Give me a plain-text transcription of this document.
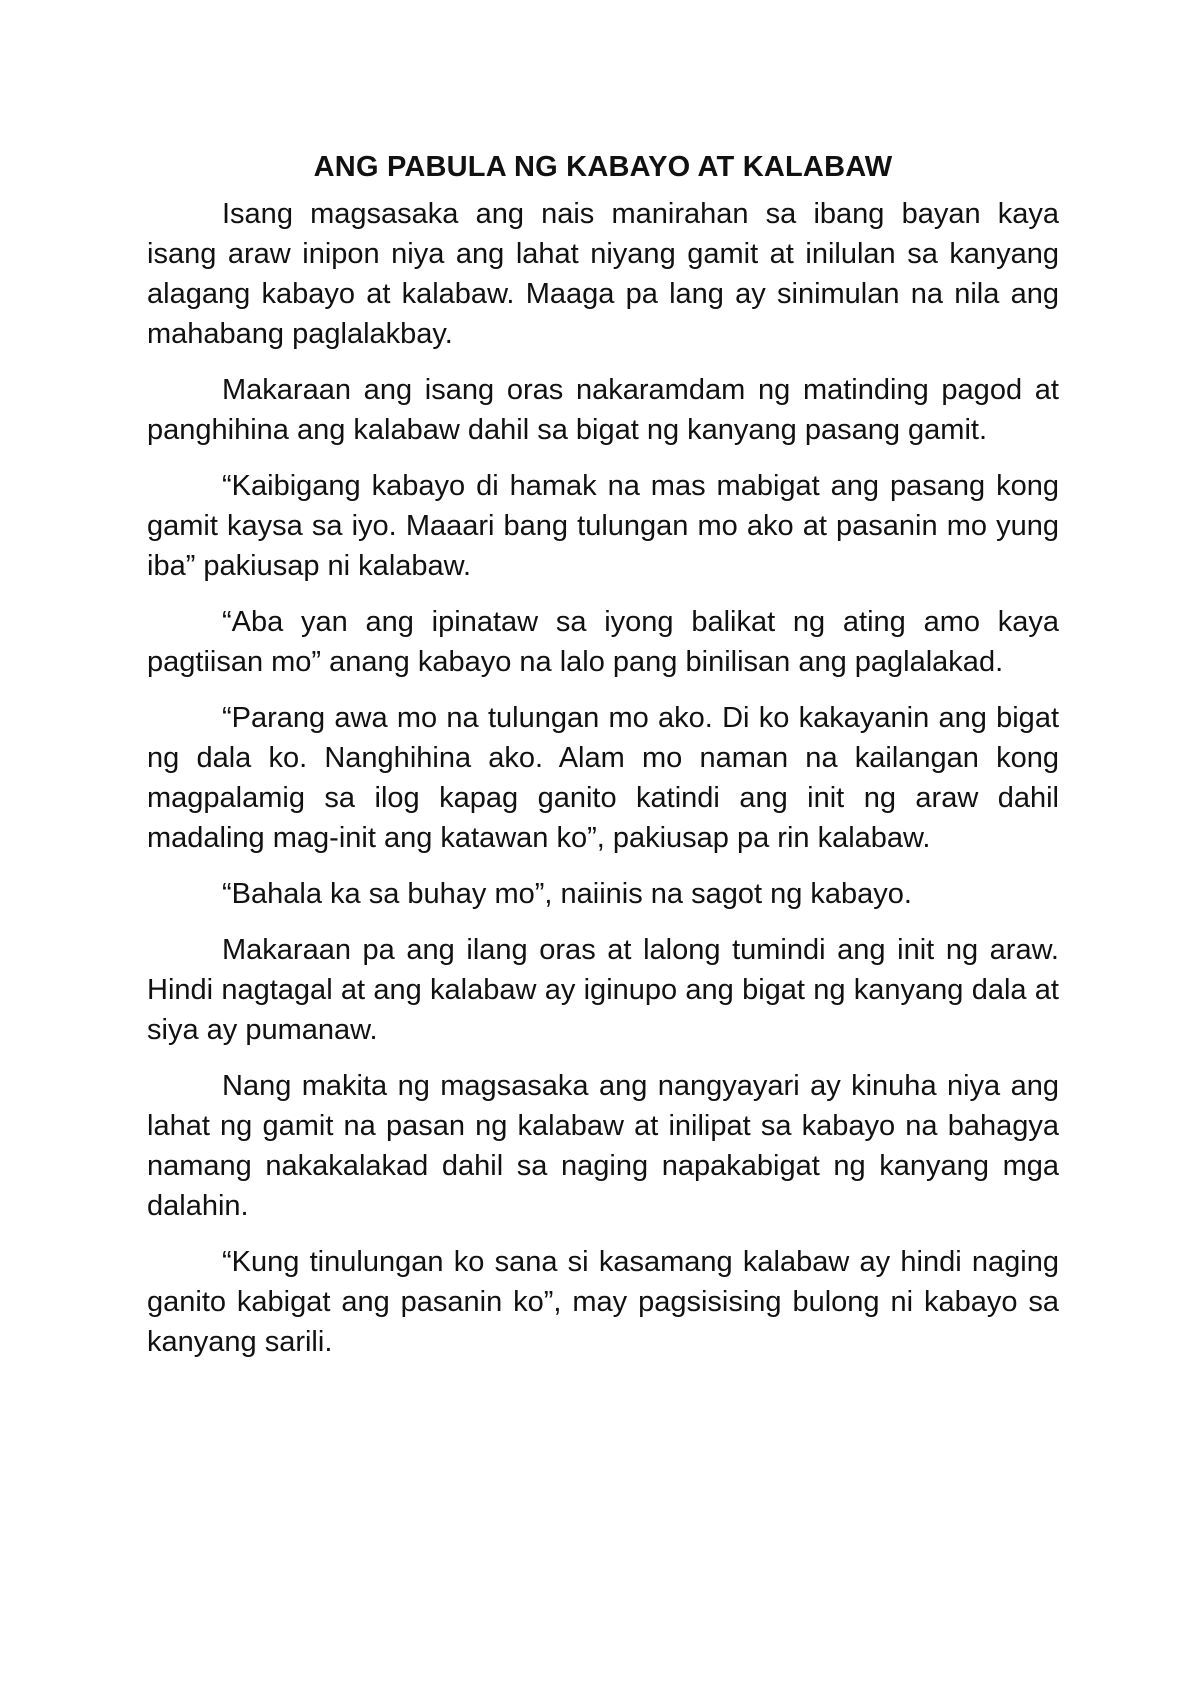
ANG PABULA NG KABAYO AT KALABAW

Isang magsasaka ang nais manirahan sa ibang bayan kaya isang araw inipon niya ang lahat niyang gamit at inilulan sa kanyang alagang kabayo at kalabaw. Maaga pa lang ay sinimulan na nila ang mahabang paglalakbay.

Makaraan ang isang oras nakaramdam ng matinding pagod at panghihina ang kalabaw dahil sa bigat ng kanyang pasang gamit.

“Kaibigang kabayo di hamak na mas mabigat ang pasang kong gamit kaysa sa iyo. Maaari bang tulungan mo ako at pasanin mo yung iba” pakiusap ni kalabaw.

“Aba yan ang ipinataw sa iyong balikat ng ating amo kaya pagtiisan mo” anang kabayo na lalo pang binilisan ang paglalakad.

“Parang awa mo na tulungan mo ako. Di ko kakayanin ang bigat ng dala ko. Nanghihina ako. Alam mo naman na kailangan kong magpalamig sa ilog kapag ganito katindi ang init ng araw dahil madaling mag-init ang katawan ko”, pakiusap pa rin kalabaw.

“Bahala ka sa buhay mo”, naiinis na sagot ng kabayo.

Makaraan pa ang ilang oras at lalong tumindi ang init ng araw. Hindi nagtagal at ang kalabaw ay iginupo ang bigat ng kanyang dala at siya ay pumanaw.

Nang makita ng magsasaka ang nangyayari ay kinuha niya ang lahat ng gamit na pasan ng kalabaw at inilipat sa kabayo na bahagya namang nakakalakad dahil sa naging napakabigat ng kanyang mga dalahin.

“Kung tinulungan ko sana si kasamang kalabaw ay hindi naging ganito kabigat ang pasanin ko”, may pagsisising bulong ni kabayo sa kanyang sarili.
